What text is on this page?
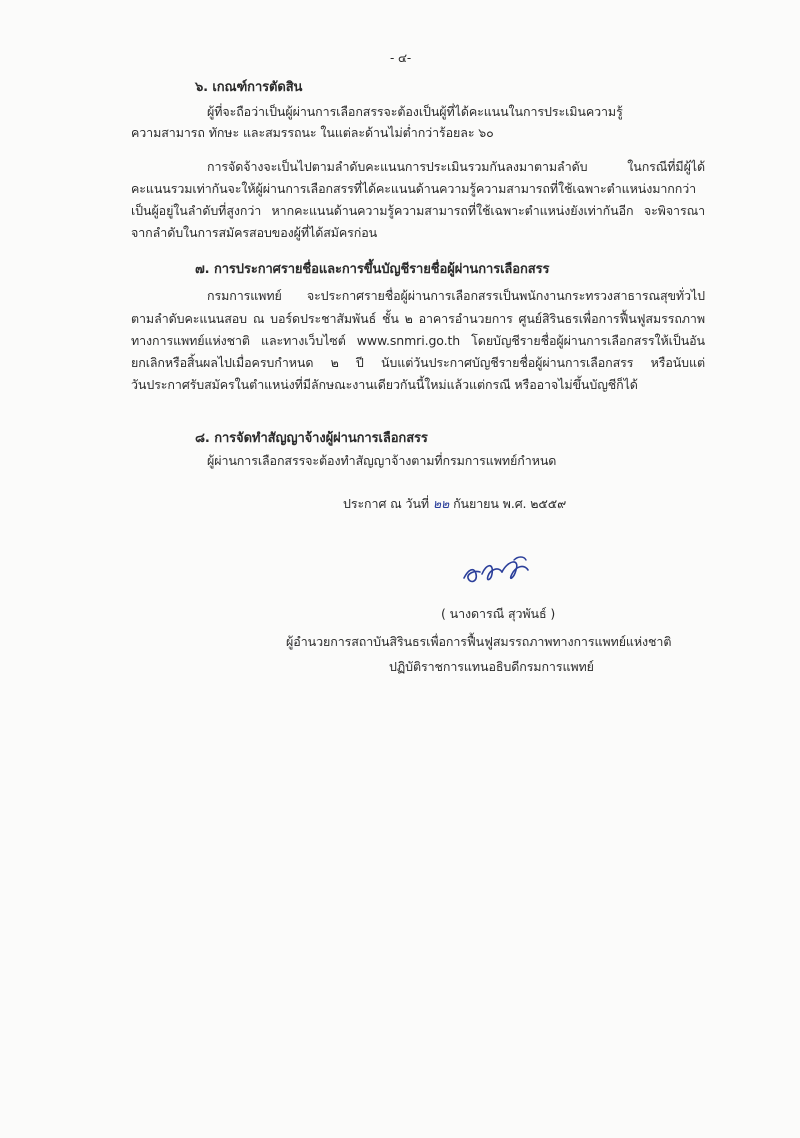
- ๔-
๖. เกณฑ์การตัดสิน
ผู้ที่จะถือว่าเป็นผู้ผ่านการเลือกสรรจะต้องเป็นผู้ที่ได้คะแนนในการประเมินความรู้
ความสามารถ ทักษะ และสมรรถนะ ในแต่ละด้านไม่ต่ำกว่าร้อยละ ๖๐
การจัดจ้างจะเป็นไปตามลำดับคะแนนการประเมินรวมกันลงมาตามลำดับ ในกรณีที่มีผู้ได้
คะแนนรวมเท่ากันจะให้ผู้ผ่านการเลือกสรรที่ได้คะแนนด้านความรู้ความสามารถที่ใช้เฉพาะตำแหน่งมากกว่า
เป็นผู้อยู่ในลำดับที่สูงกว่า หากคะแนนด้านความรู้ความสามารถที่ใช้เฉพาะตำแหน่งยังเท่ากันอีก จะพิจารณา
จากลำดับในการสมัครสอบของผู้ที่ได้สมัครก่อน
๗. การประกาศรายชื่อและการขึ้นบัญชีรายชื่อผู้ผ่านการเลือกสรร
กรมการแพทย์ จะประกาศรายชื่อผู้ผ่านการเลือกสรรเป็นพนักงานกระทรวงสาธารณสุขทั่วไป
ตามลำดับคะแนนสอบ ณ บอร์ดประชาสัมพันธ์ ชั้น ๒ อาคารอำนวยการ ศูนย์สิรินธรเพื่อการฟื้นฟูสมรรถภาพ
ทางการแพทย์แห่งชาติ และทางเว็บไซต์ www.snmri.go.th โดยบัญชีรายชื่อผู้ผ่านการเลือกสรรให้เป็นอัน
ยกเลิกหรือสิ้นผลไปเมื่อครบกำหนด ๒ ปี นับแต่วันประกาศบัญชีรายชื่อผู้ผ่านการเลือกสรร หรือนับแต่
วันประกาศรับสมัครในตำแหน่งที่มีลักษณะงานเดียวกันนี้ใหม่แล้วแต่กรณี หรืออาจไม่ขึ้นบัญชีก็ได้
๘. การจัดทำสัญญาจ้างผู้ผ่านการเลือกสรร
ผู้ผ่านการเลือกสรรจะต้องทำสัญญาจ้างตามที่กรมการแพทย์กำหนด
ประกาศ ณ วันที่ ๒๒ กันยายน พ.ศ. ๒๕๕๙
( นางดารณี สุวพันธ์ )
ผู้อำนวยการสถาบันสิรินธรเพื่อการฟื้นฟูสมรรถภาพทางการแพทย์แห่งชาติ
ปฏิบัติราชการแทนอธิบดีกรมการแพทย์
